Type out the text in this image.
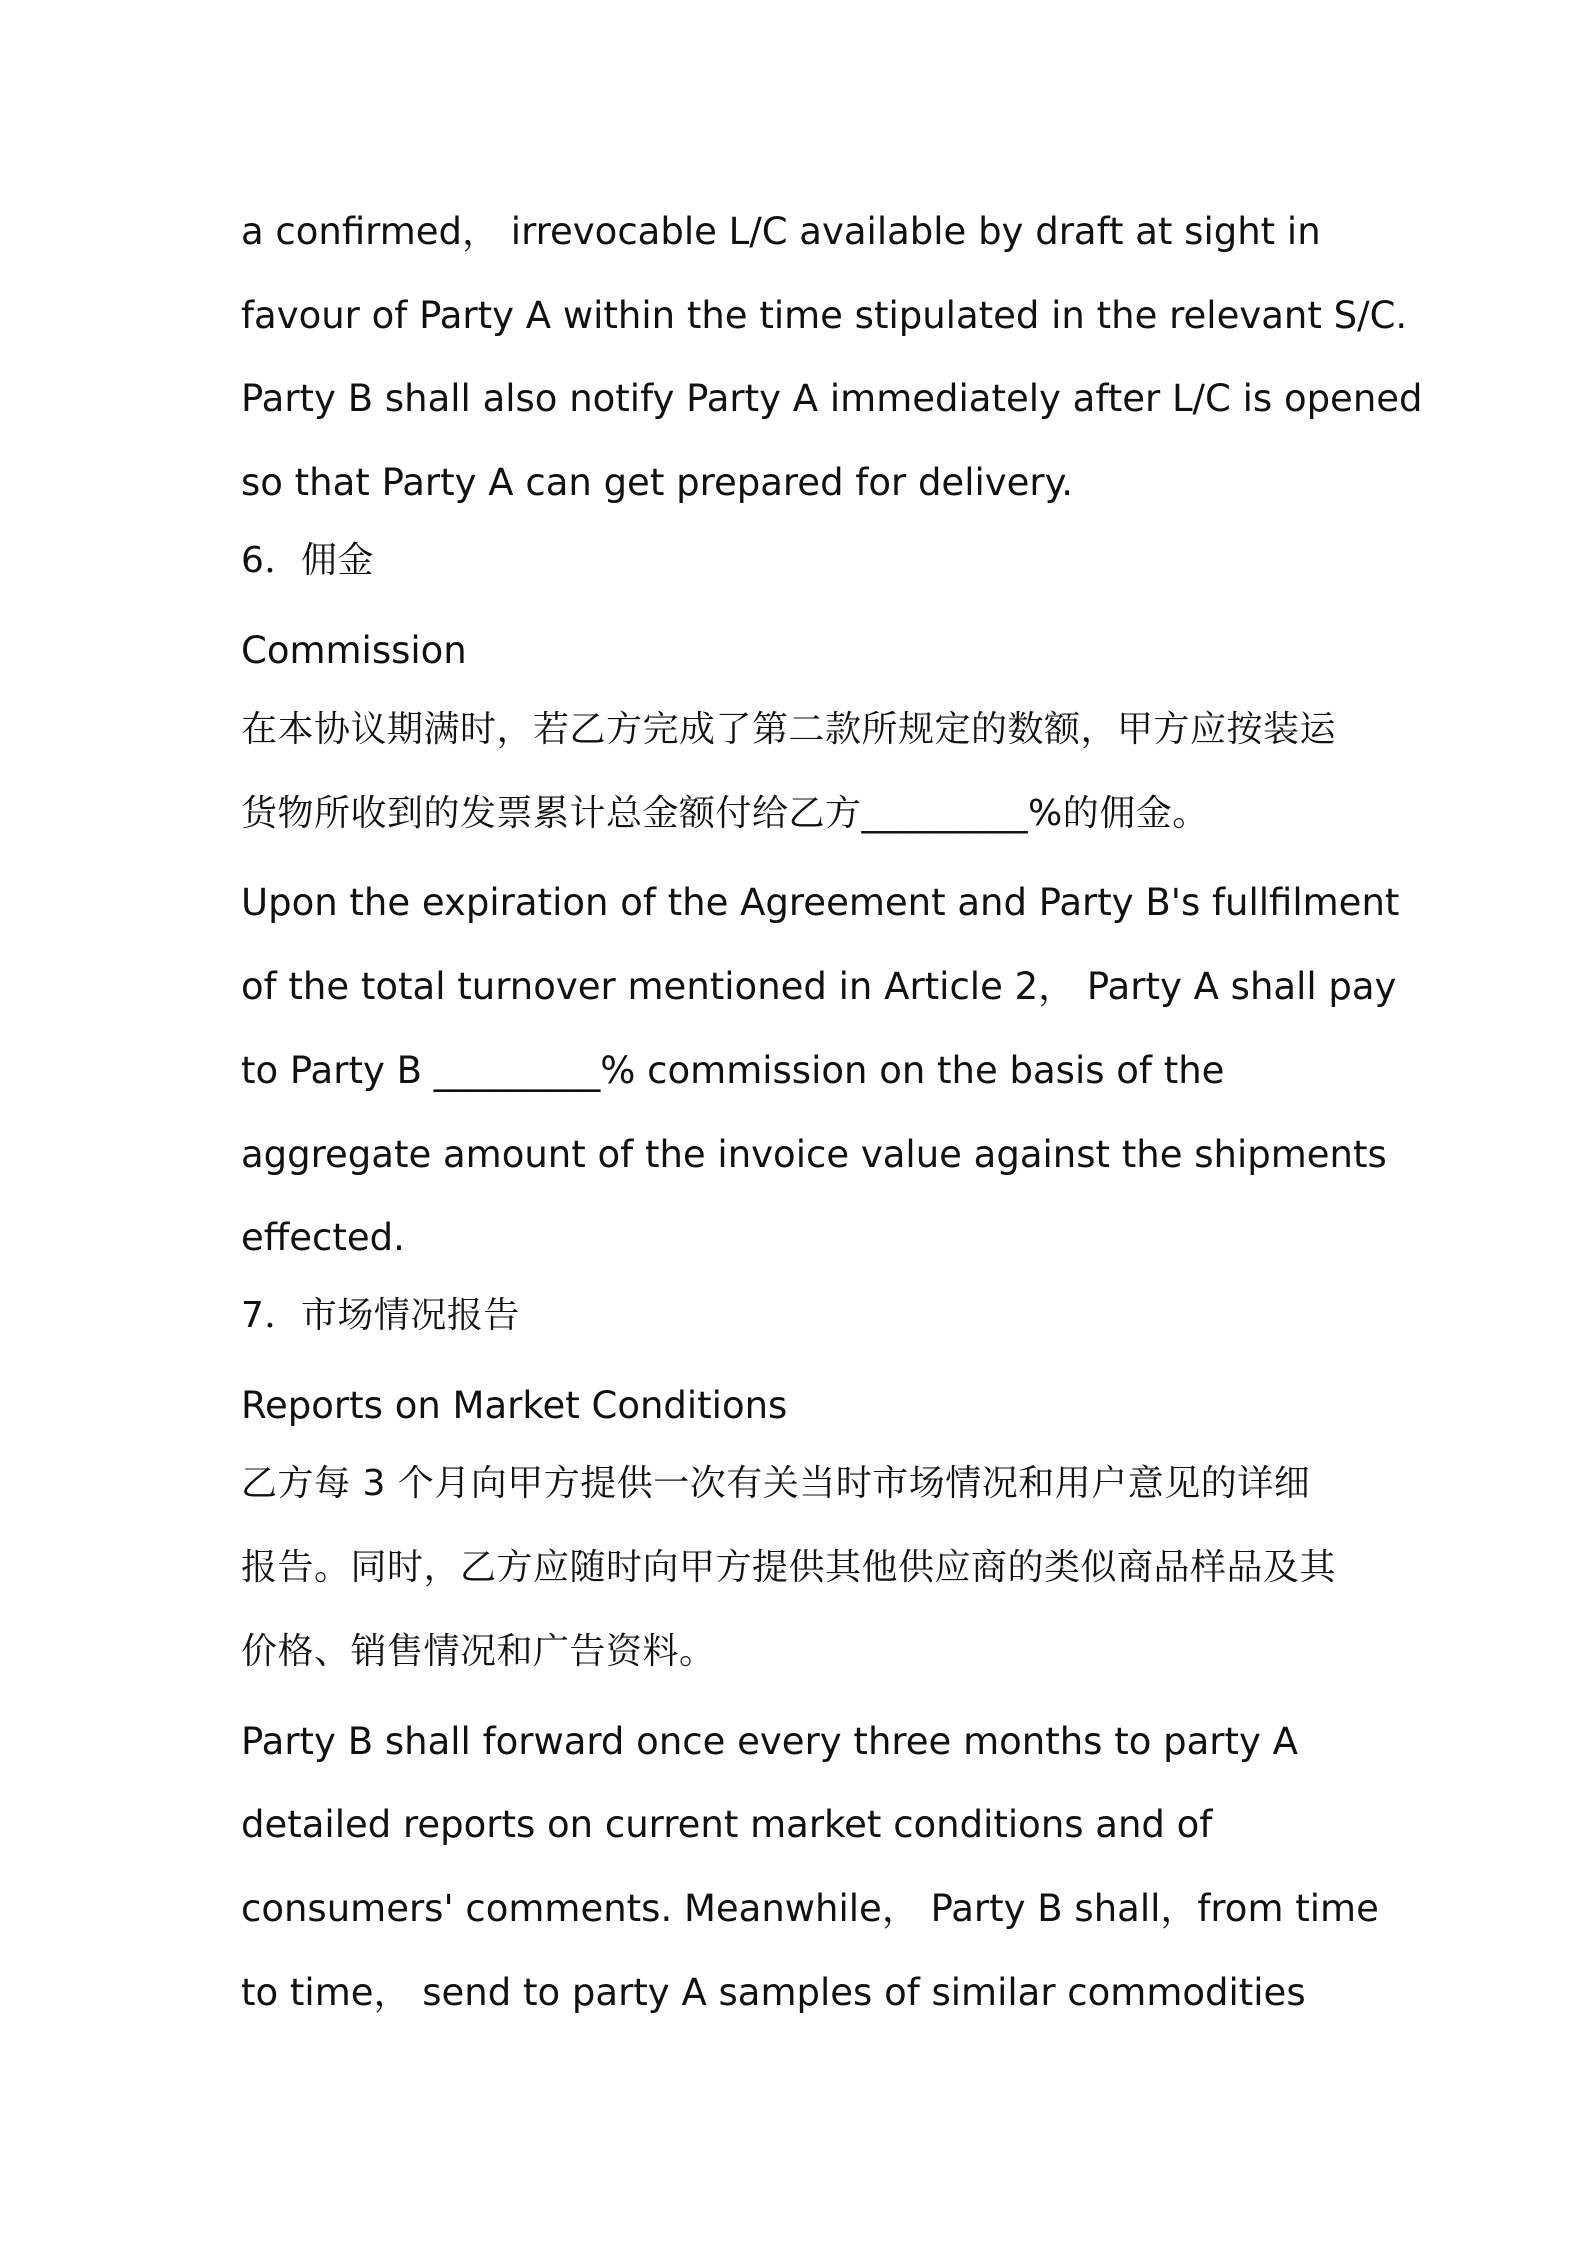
a confirmed， irrevocable L/C available by draft at sight in

favour of Party A within the time stipulated in the relevant S/C.

Party B shall also notify Party A immediately after L/C is opened

so that Party A can get prepared for delivery.

6．佣金

Commission

在本协议期满时，若乙方完成了第二款所规定的数额，甲方应按装运

货物所收到的发票累计总金额付给乙方_________%的佣金。

Upon the expiration of the Agreement and Party B's fullfilment

of the total turnover mentioned in Article 2， Party A shall pay

to Party B _________% commission on the basis of the

aggregate amount of the invoice value against the shipments

effected.

7．市场情况报告

Reports on Market Conditions

乙方每 3 个月向甲方提供一次有关当时市场情况和用户意见的详细

报告。同时，乙方应随时向甲方提供其他供应商的类似商品样品及其

价格、销售情况和广告资料。

Party B shall forward once every three months to party A

detailed reports on current market conditions and of

consumers' comments. Meanwhile， Party B shall，from time

to time， send to party A samples of similar commodities
